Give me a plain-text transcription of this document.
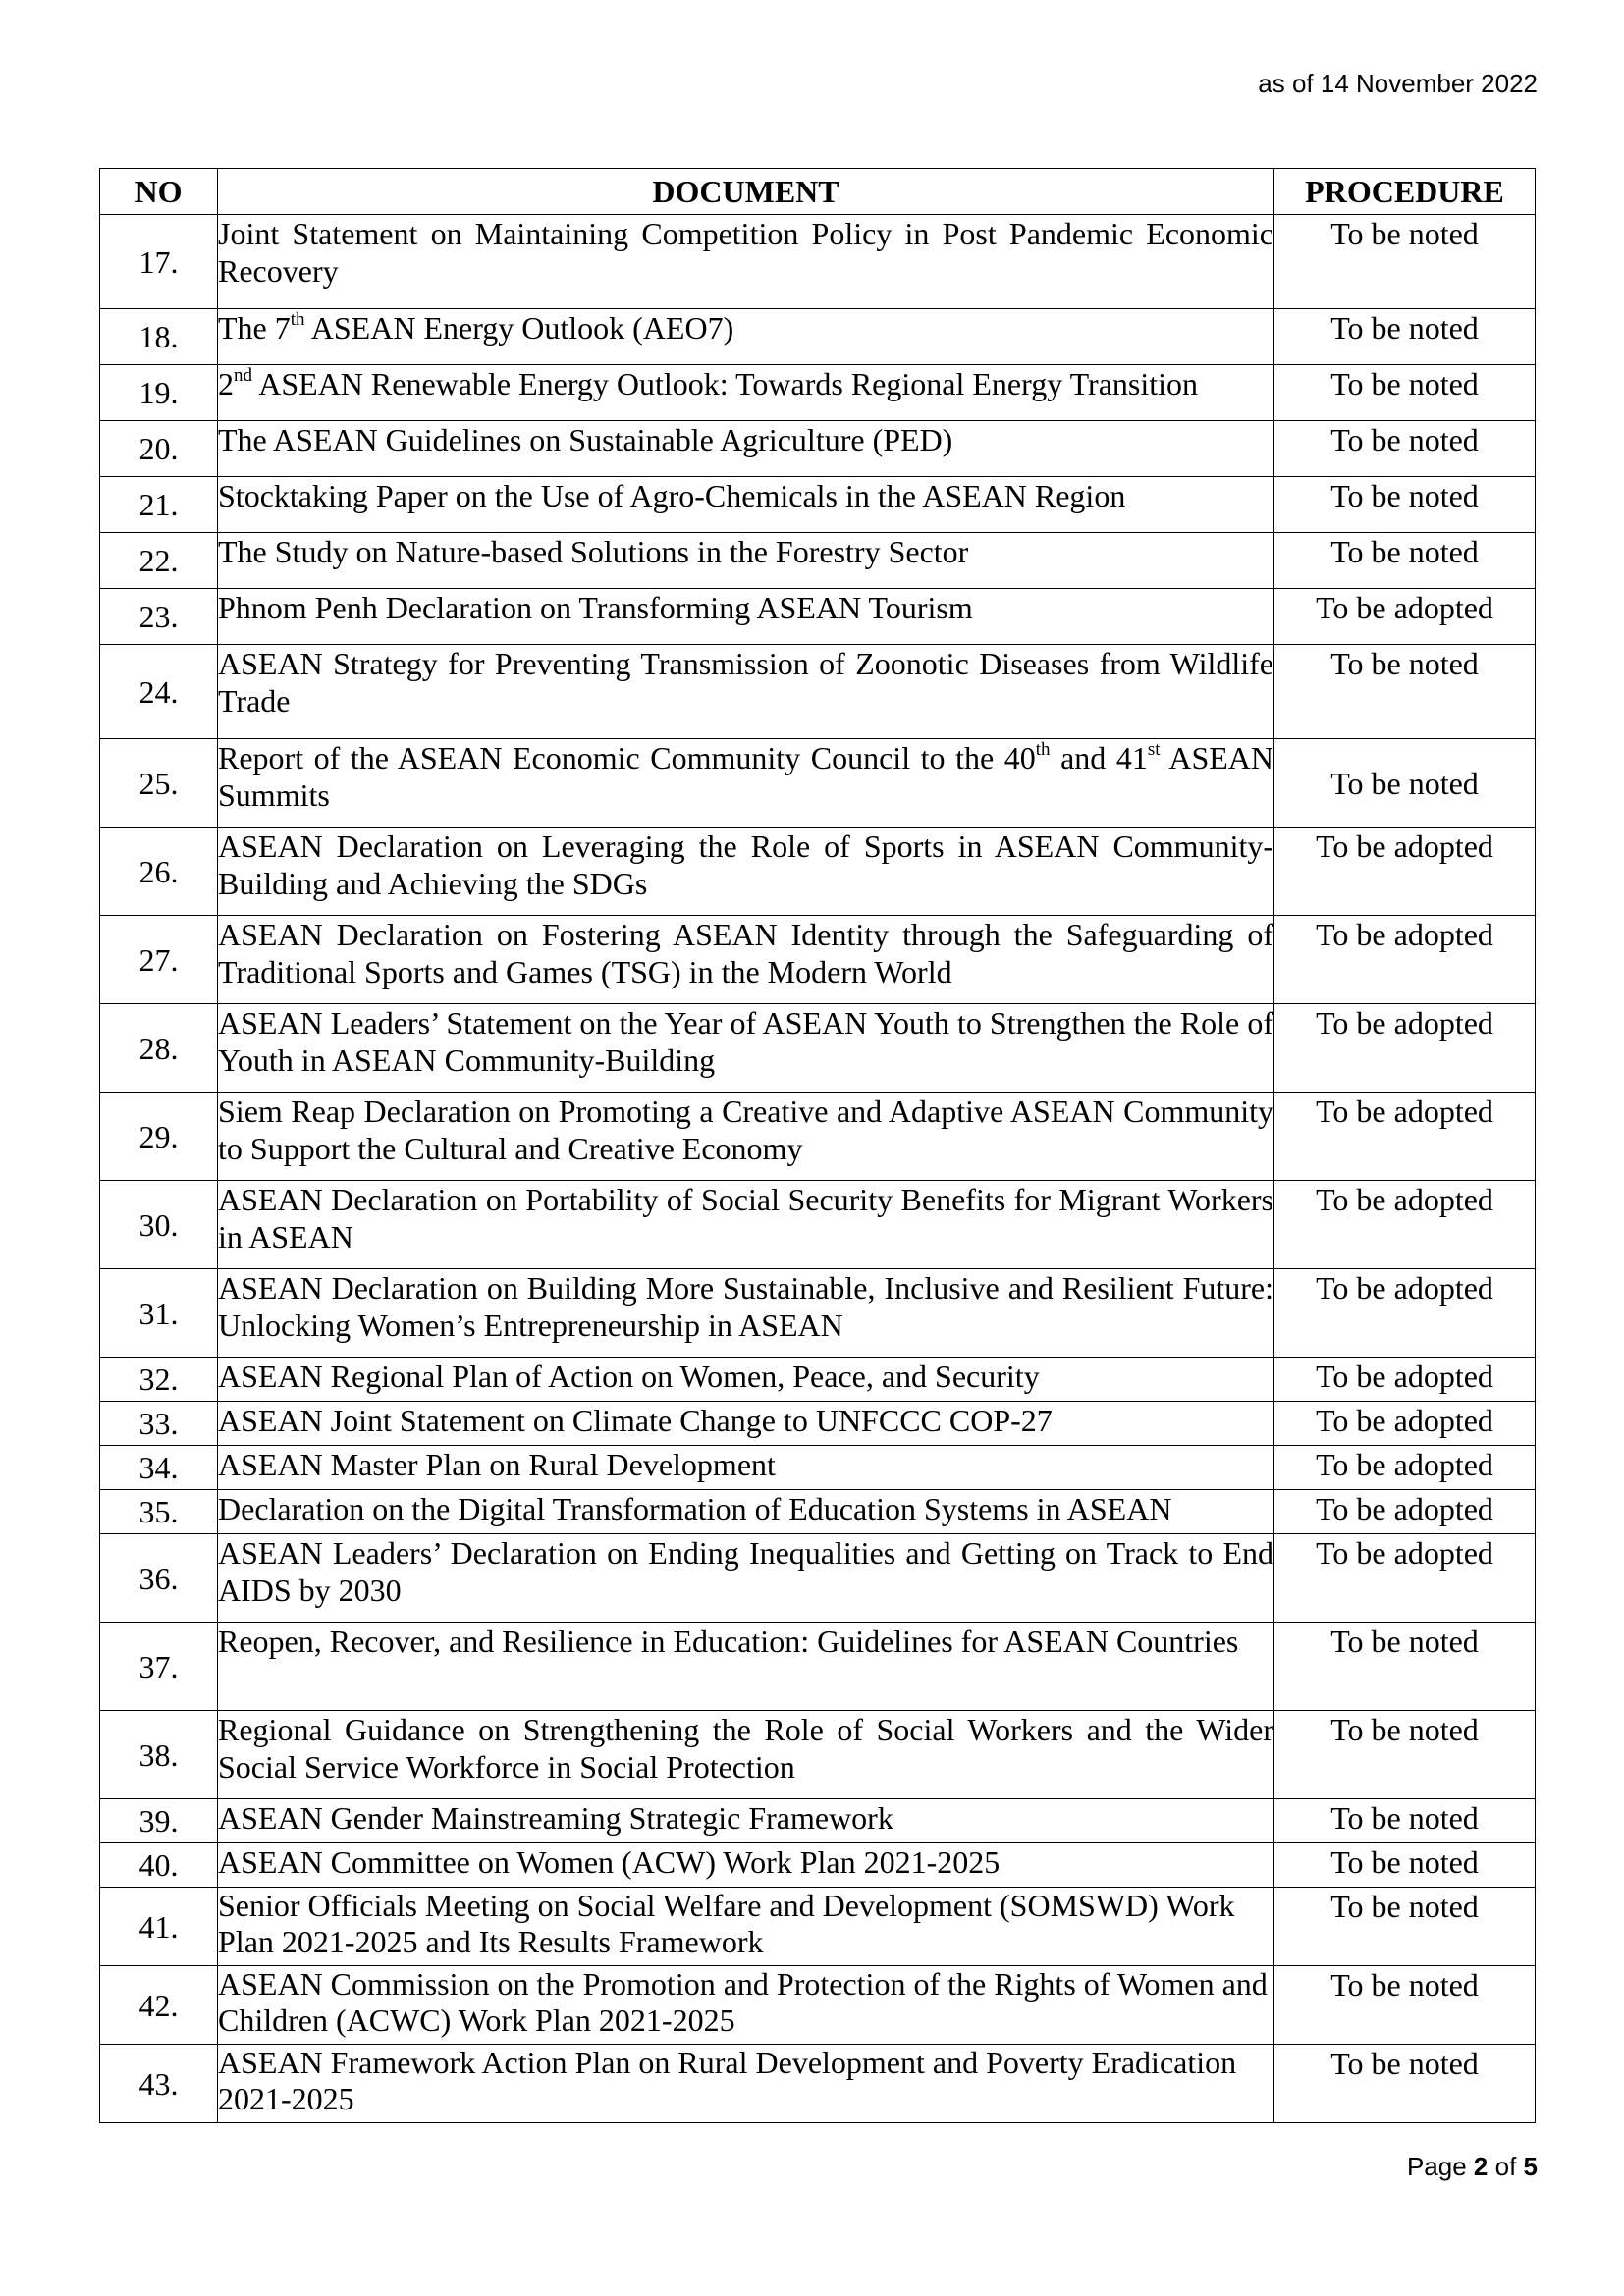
as of 14 November 2022
NO	DOCUMENT	PROCEDURE
17.	Joint Statement on Maintaining Competition Policy in Post Pandemic Economic Recovery	To be noted
18.	The 7th ASEAN Energy Outlook (AEO7)	To be noted
19.	2nd ASEAN Renewable Energy Outlook: Towards Regional Energy Transition	To be noted
20.	The ASEAN Guidelines on Sustainable Agriculture (PED)	To be noted
21.	Stocktaking Paper on the Use of Agro-Chemicals in the ASEAN Region	To be noted
22.	The Study on Nature-based Solutions in the Forestry Sector	To be noted
23.	Phnom Penh Declaration on Transforming ASEAN Tourism	To be adopted
24.	ASEAN Strategy for Preventing Transmission of Zoonotic Diseases from Wildlife Trade	To be noted
25.	Report of the ASEAN Economic Community Council to the 40th and 41st ASEAN Summits	To be noted
26.	ASEAN Declaration on Leveraging the Role of Sports in ASEAN Community-Building and Achieving the SDGs	To be adopted
27.	ASEAN Declaration on Fostering ASEAN Identity through the Safeguarding of Traditional Sports and Games (TSG) in the Modern World	To be adopted
28.	ASEAN Leaders’ Statement on the Year of ASEAN Youth to Strengthen the Role of Youth in ASEAN Community-Building	To be adopted
29.	Siem Reap Declaration on Promoting a Creative and Adaptive ASEAN Community to Support the Cultural and Creative Economy	To be adopted
30.	ASEAN Declaration on Portability of Social Security Benefits for Migrant Workers in ASEAN	To be adopted
31.	ASEAN Declaration on Building More Sustainable, Inclusive and Resilient Future: Unlocking Women’s Entrepreneurship in ASEAN	To be adopted
32.	ASEAN Regional Plan of Action on Women, Peace, and Security	To be adopted
33.	ASEAN Joint Statement on Climate Change to UNFCCC COP-27	To be adopted
34.	ASEAN Master Plan on Rural Development	To be adopted
35.	Declaration on the Digital Transformation of Education Systems in ASEAN	To be adopted
36.	ASEAN Leaders’ Declaration on Ending Inequalities and Getting on Track to End AIDS by 2030	To be adopted
37.	Reopen, Recover, and Resilience in Education: Guidelines for ASEAN Countries	To be noted
38.	Regional Guidance on Strengthening the Role of Social Workers and the Wider Social Service Workforce in Social Protection	To be noted
39.	ASEAN Gender Mainstreaming Strategic Framework	To be noted
40.	ASEAN Committee on Women (ACW) Work Plan 2021-2025	To be noted
41.	Senior Officials Meeting on Social Welfare and Development (SOMSWD) Work Plan 2021-2025 and Its Results Framework	To be noted
42.	ASEAN Commission on the Promotion and Protection of the Rights of Women and Children (ACWC) Work Plan 2021-2025	To be noted
43.	ASEAN Framework Action Plan on Rural Development and Poverty Eradication 2021-2025	To be noted
Page 2 of 5
